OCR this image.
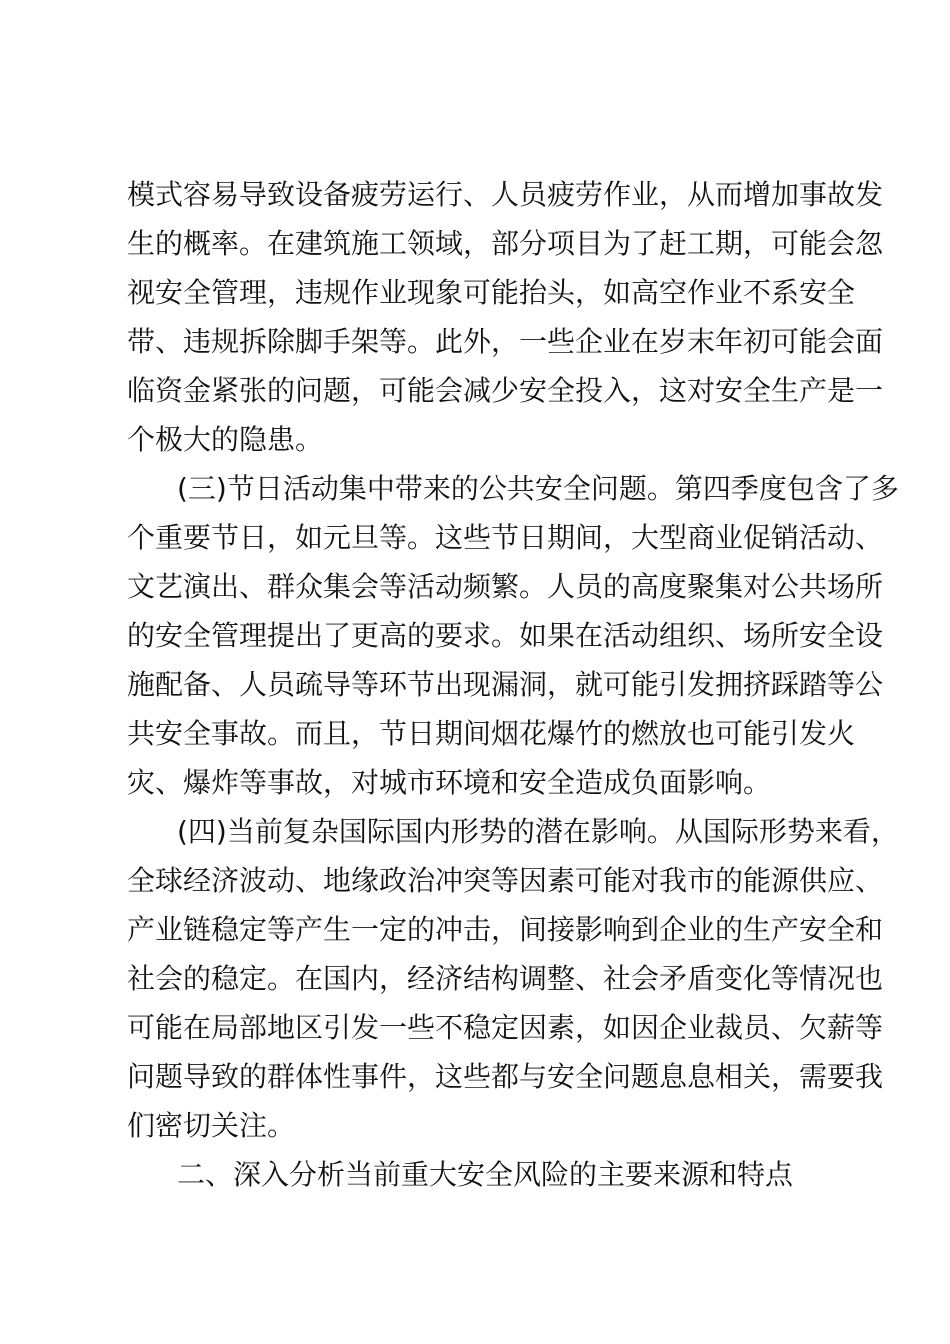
模式容易导致设备疲劳运行、人员疲劳作业，从而增加事故发
生的概率。在建筑施工领域，部分项目为了赶工期，可能会忽
视安全管理，违规作业现象可能抬头，如高空作业不系安全
带、违规拆除脚手架等。此外，一些企业在岁末年初可能会面
临资金紧张的问题，可能会减少安全投入，这对安全生产是一
个极大的隐患。
(三)节日活动集中带来的公共安全问题。第四季度包含了多
个重要节日，如元旦等。这些节日期间，大型商业促销活动、
文艺演出、群众集会等活动频繁。人员的高度聚集对公共场所
的安全管理提出了更高的要求。如果在活动组织、场所安全设
施配备、人员疏导等环节出现漏洞，就可能引发拥挤踩踏等公
共安全事故。而且，节日期间烟花爆竹的燃放也可能引发火
灾、爆炸等事故，对城市环境和安全造成负面影响。
(四)当前复杂国际国内形势的潜在影响。从国际形势来看，
全球经济波动、地缘政治冲突等因素可能对我市的能源供应、
产业链稳定等产生一定的冲击，间接影响到企业的生产安全和
社会的稳定。在国内，经济结构调整、社会矛盾变化等情况也
可能在局部地区引发一些不稳定因素，如因企业裁员、欠薪等
问题导致的群体性事件，这些都与安全问题息息相关，需要我
们密切关注。
二、深入分析当前重大安全风险的主要来源和特点
